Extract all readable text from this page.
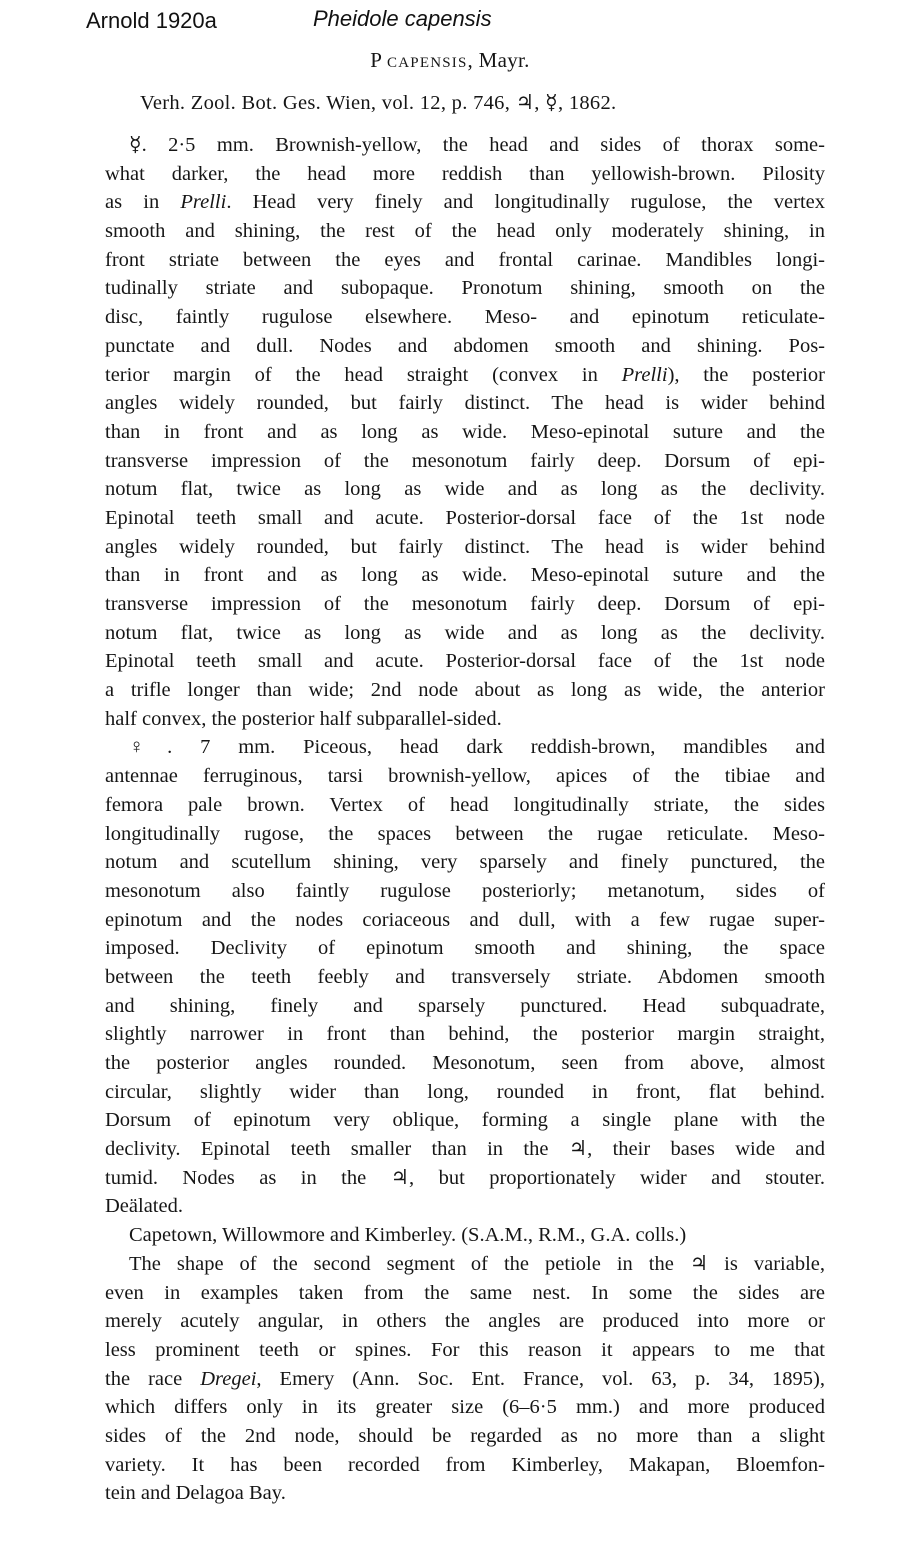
Arnold 1920a	Pheidole capensis
P capensis, Mayr.
Verh. Zool. Bot. Ges. Wien, vol. 12, p. 746, ♃, ☿, 1862.
☿. 2·5 mm. Brownish-yellow, the head and sides of thorax some-
what darker, the head more reddish than yellowish-brown. Pilosity
as in Prelli. Head very finely and longitudinally rugulose, the vertex
smooth and shining, the rest of the head only moderately shining, in
front striate between the eyes and frontal carinae. Mandibles longi-
tudinally striate and subopaque. Pronotum shining, smooth on the
disc, faintly rugulose elsewhere. Meso- and epinotum reticulate-
punctate and dull. Nodes and abdomen smooth and shining. Pos-
terior margin of the head straight (convex in Prelli), the posterior
angles widely rounded, but fairly distinct. The head is wider behind
than in front and as long as wide. Meso-epinotal suture and the
transverse impression of the mesonotum fairly deep. Dorsum of epi-
notum flat, twice as long as wide and as long as the declivity.
Epinotal teeth small and acute. Posterior-dorsal face of the 1st node
angles widely rounded, but fairly distinct. The head is wider behind
than in front and as long as wide. Meso-epinotal suture and the
transverse impression of the mesonotum fairly deep. Dorsum of epi-
notum flat, twice as long as wide and as long as the declivity.
Epinotal teeth small and acute. Posterior-dorsal face of the 1st node
a trifle longer than wide; 2nd node about as long as wide, the anterior
half convex, the posterior half subparallel-sided.
♀. 7 mm. Piceous, head dark reddish-brown, mandibles and
antennae ferruginous, tarsi brownish-yellow, apices of the tibiae and
femora pale brown. Vertex of head longitudinally striate, the sides
longitudinally rugose, the spaces between the rugae reticulate. Meso-
notum and scutellum shining, very sparsely and finely punctured, the
mesonotum also faintly rugulose posteriorly; metanotum, sides of
epinotum and the nodes coriaceous and dull, with a few rugae super-
imposed. Declivity of epinotum smooth and shining, the space
between the teeth feebly and transversely striate. Abdomen smooth
and shining, finely and sparsely punctured. Head subquadrate,
slightly narrower in front than behind, the posterior margin straight,
the posterior angles rounded. Mesonotum, seen from above, almost
circular, slightly wider than long, rounded in front, flat behind.
Dorsum of epinotum very oblique, forming a single plane with the
declivity. Epinotal teeth smaller than in the ♃, their bases wide and
tumid. Nodes as in the ♃, but proportionately wider and stouter.
Deälated.
Capetown, Willowmore and Kimberley. (S.A.M., R.M., G.A. colls.)
The shape of the second segment of the petiole in the ♃ is variable,
even in examples taken from the same nest. In some the sides are
merely acutely angular, in others the angles are produced into more or
less prominent teeth or spines. For this reason it appears to me that
the race Dregei, Emery (Ann. Soc. Ent. France, vol. 63, p. 34, 1895),
which differs only in its greater size (6–6·5 mm.) and more produced
sides of the 2nd node, should be regarded as no more than a slight
variety. It has been recorded from Kimberley, Makapan, Bloemfon-
tein and Delagoa Bay.
